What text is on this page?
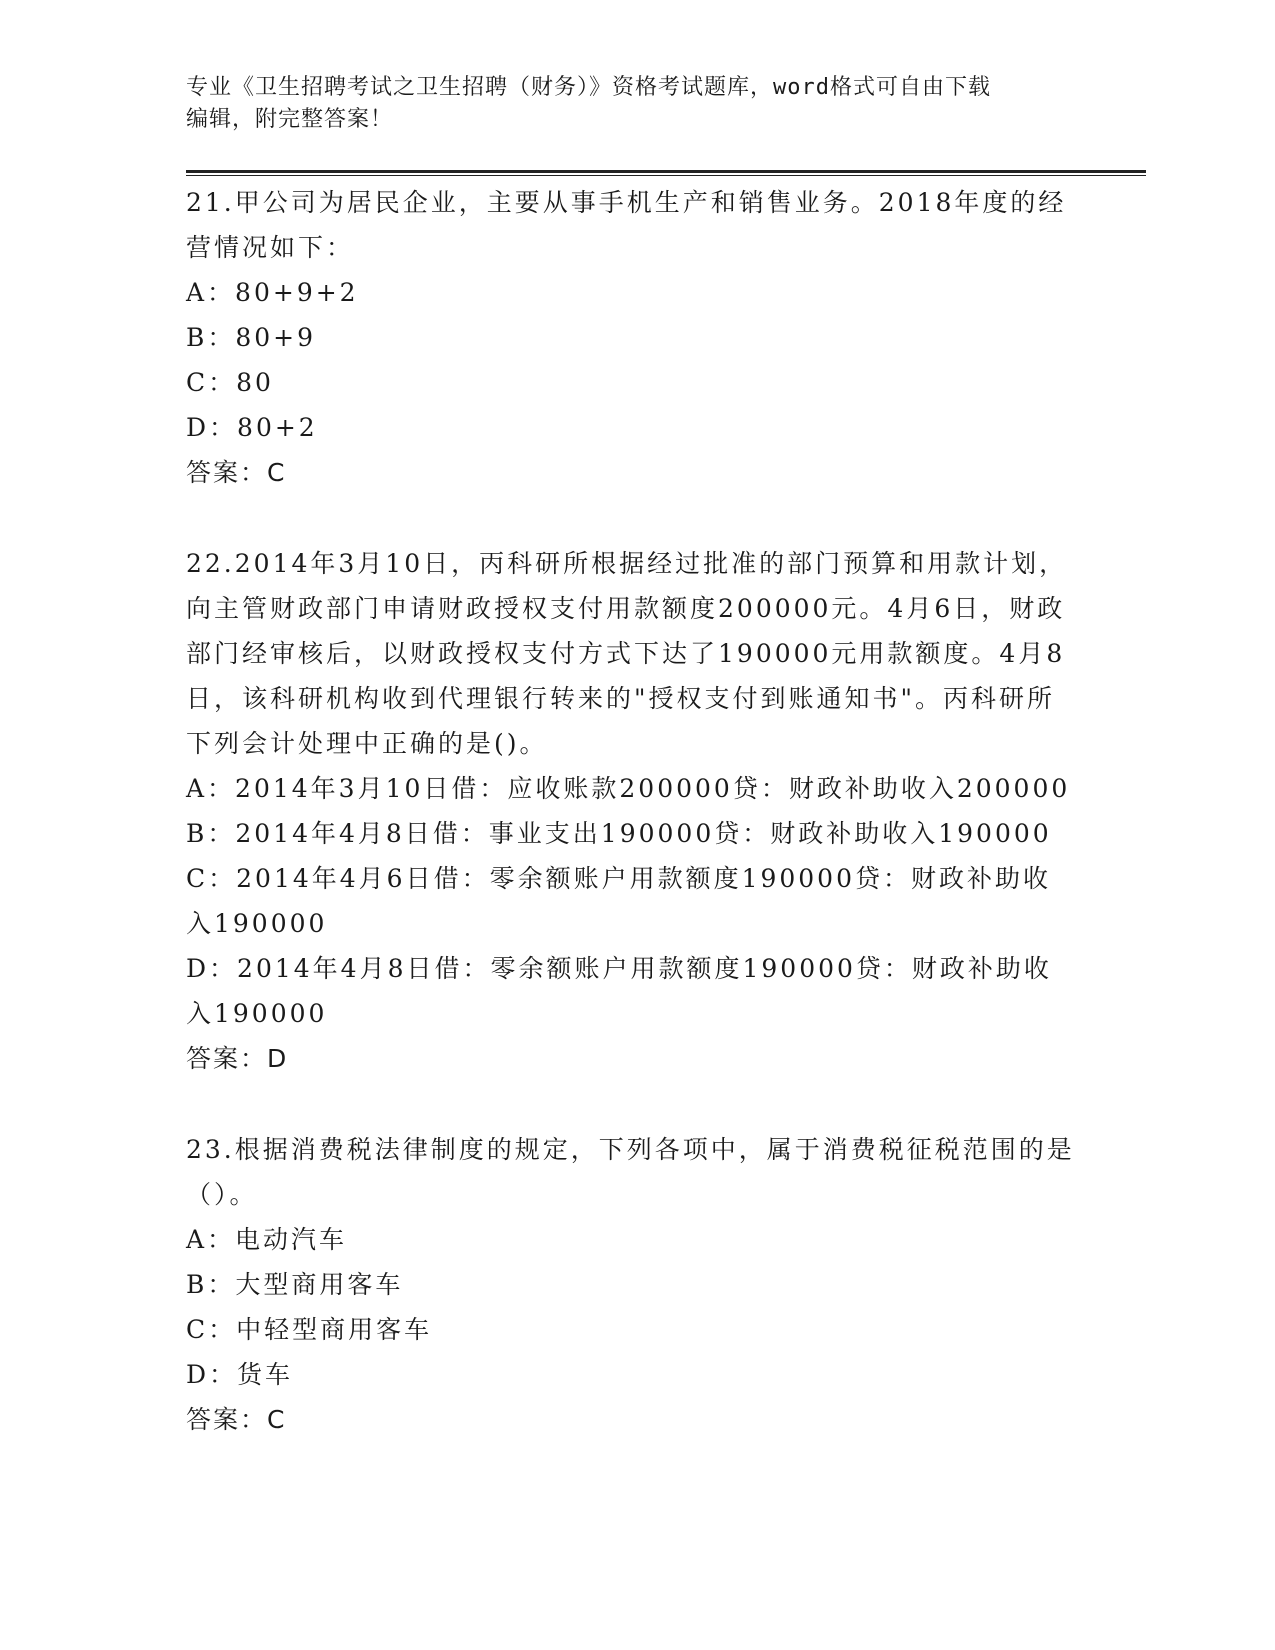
专业《卫生招聘考试之卫生招聘（财务）》资格考试题库，word格式可自由下载
编辑，附完整答案！

21.甲公司为居民企业，主要从事手机生产和销售业务。2018年度的经营情况如下：

A：80+9+2

B：80+9

C：80

D：80+2

答案：C

22.2014年3月10日，丙科研所根据经过批准的部门预算和用款计划，向主管财政部门申请财政授权支付用款额度200000元。4月6日，财政部门经审核后，以财政授权支付方式下达了190000元用款额度。4月8日，该科研机构收到代理银行转来的"授权支付到账通知书"。丙科研所下列会计处理中正确的是()。

A：2014年3月10日借：应收账款200000贷：财政补助收入200000

B：2014年4月8日借：事业支出190000贷：财政补助收入190000

C：2014年4月6日借：零余额账户用款额度190000贷：财政补助收入190000

D：2014年4月8日借：零余额账户用款额度190000贷：财政补助收入190000

答案：D

23.根据消费税法律制度的规定，下列各项中，属于消费税征税范围的是（）。

A：电动汽车

B：大型商用客车

C：中轻型商用客车

D：货车

答案：C
